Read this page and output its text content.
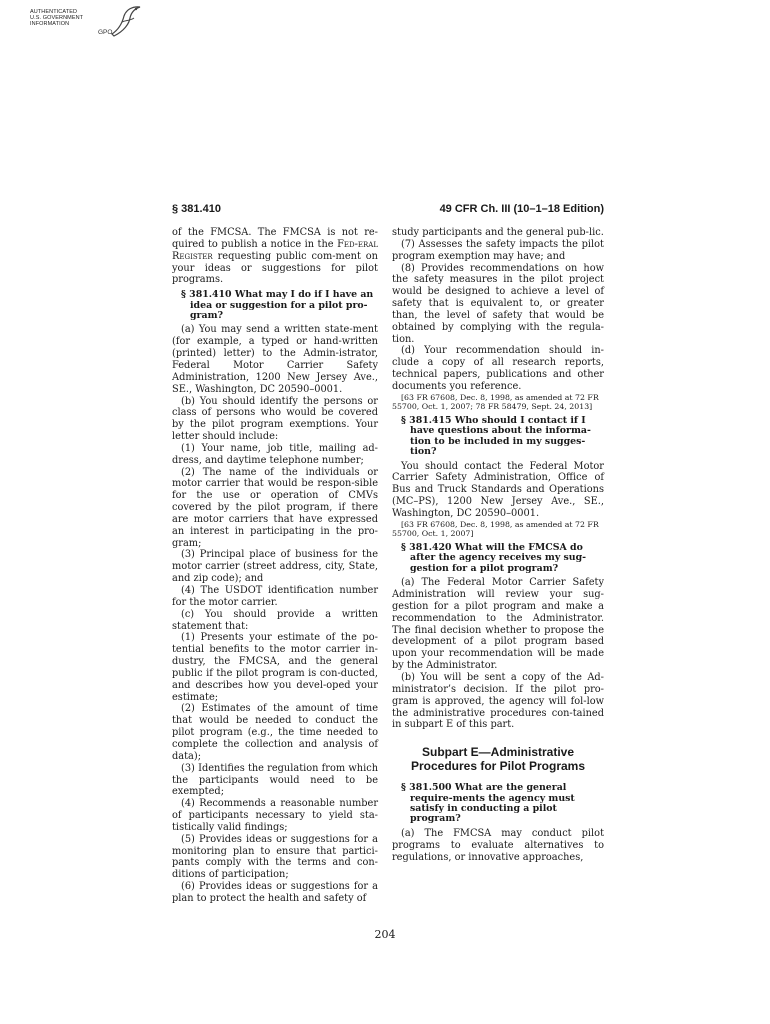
AUTHENTICATED
U.S. GOVERNMENT
INFORMATION
GPO
§ 381.410	49 CFR Ch. III (10–1–18 Edition)

of the FMCSA. The FMCSA is not re-quired to publish a notice in the Fed-eral Register requesting public com-ment on your ideas or suggestions for pilot programs.

§ 381.410 What may I do if I have an idea or suggestion for a pilot pro-gram?

(a) You may send a written state-ment (for example, a typed or hand-written (printed) letter) to the Admin-istrator, Federal Motor Carrier Safety Administration, 1200 New Jersey Ave., SE., Washington, DC 20590–0001.

(b) You should identify the persons or class of persons who would be covered by the pilot program exemptions. Your letter should include:

(1) Your name, job title, mailing ad-dress, and daytime telephone number;

(2) The name of the individuals or motor carrier that would be respon-sible for the use or operation of CMVs covered by the pilot program, if there are motor carriers that have expressed an interest in participating in the pro-gram;

(3) Principal place of business for the motor carrier (street address, city, State, and zip code); and

(4) The USDOT identification number for the motor carrier.

(c) You should provide a written statement that:

(1) Presents your estimate of the po-tential benefits to the motor carrier in-dustry, the FMCSA, and the general public if the pilot program is con-ducted, and describes how you devel-oped your estimate;

(2) Estimates of the amount of time that would be needed to conduct the pilot program (e.g., the time needed to complete the collection and analysis of data);

(3) Identifies the regulation from which the participants would need to be exempted;

(4) Recommends a reasonable number of participants necessary to yield sta-tistically valid findings;

(5) Provides ideas or suggestions for a monitoring plan to ensure that partici-pants comply with the terms and con-ditions of participation;

(6) Provides ideas or suggestions for a plan to protect the health and safety of

study participants and the general pub-lic.

(7) Assesses the safety impacts the pilot program exemption may have; and

(8) Provides recommendations on how the safety measures in the pilot project would be designed to achieve a level of safety that is equivalent to, or greater than, the level of safety that would be obtained by complying with the regula-tion.

(d) Your recommendation should in-clude a copy of all research reports, technical papers, publications and other documents you reference.

[63 FR 67608, Dec. 8, 1998, as amended at 72 FR 55700, Oct. 1, 2007; 78 FR 58479, Sept. 24, 2013]

§ 381.415 Who should I contact if I have questions about the informa-tion to be included in my sugges-tion?

You should contact the Federal Motor Carrier Safety Administration, Office of Bus and Truck Standards and Operations (MC–PS), 1200 New Jersey Ave., SE., Washington, DC 20590–0001.

[63 FR 67608, Dec. 8, 1998, as amended at 72 FR 55700, Oct. 1, 2007]

§ 381.420 What will the FMCSA do after the agency receives my sug-gestion for a pilot program?

(a) The Federal Motor Carrier Safety Administration will review your sug-gestion for a pilot program and make a recommendation to the Administrator. The final decision whether to propose the development of a pilot program based upon your recommendation will be made by the Administrator.

(b) You will be sent a copy of the Ad-ministrator’s decision. If the pilot pro-gram is approved, the agency will fol-low the administrative procedures con-tained in subpart E of this part.

Subpart E—Administrative
Procedures for Pilot Programs
§ 381.500 What are the general require-ments the agency must satisfy in conducting a pilot program?

(a) The FMCSA may conduct pilot programs to evaluate alternatives to regulations, or innovative approaches,

204
